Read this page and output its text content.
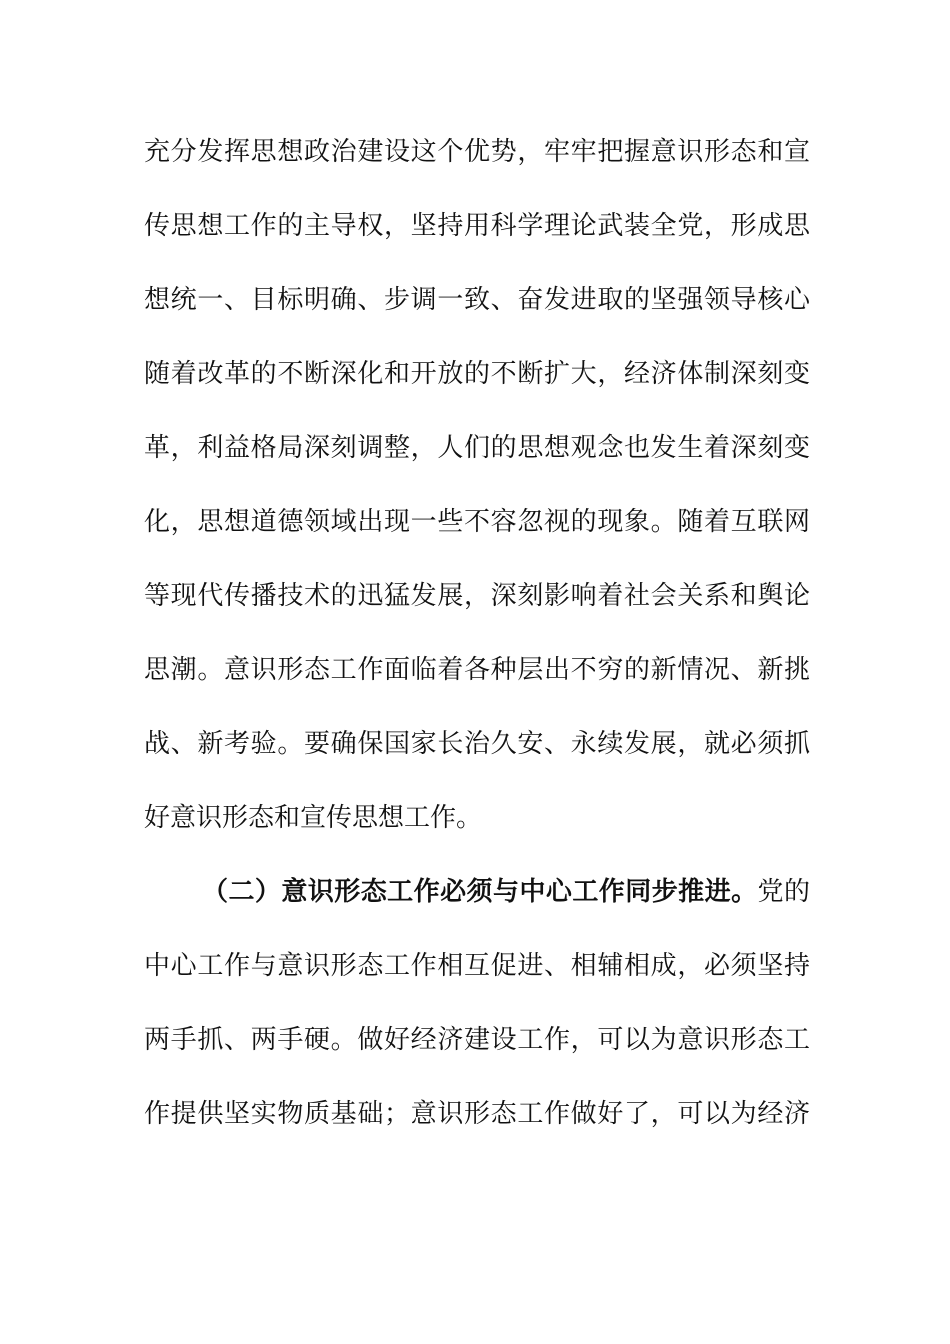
充分发挥思想政治建设这个优势，牢牢把握意识形态和宣
传思想工作的主导权，坚持用科学理论武装全党，形成思
想统一、目标明确、步调一致、奋发进取的坚强领导核心
随着改革的不断深化和开放的不断扩大，经济体制深刻变
革，利益格局深刻调整，人们的思想观念也发生着深刻变
化，思想道德领域出现一些不容忽视的现象。随着互联网
等现代传播技术的迅猛发展，深刻影响着社会关系和舆论
思潮。意识形态工作面临着各种层出不穷的新情况、新挑
战、新考验。要确保国家长治久安、永续发展，就必须抓
好意识形态和宣传思想工作。
（二）意识形态工作必须与中心工作同步推进。党的
中心工作与意识形态工作相互促进、相辅相成，必须坚持
两手抓、两手硬。做好经济建设工作，可以为意识形态工
作提供坚实物质基础；意识形态工作做好了，可以为经济
